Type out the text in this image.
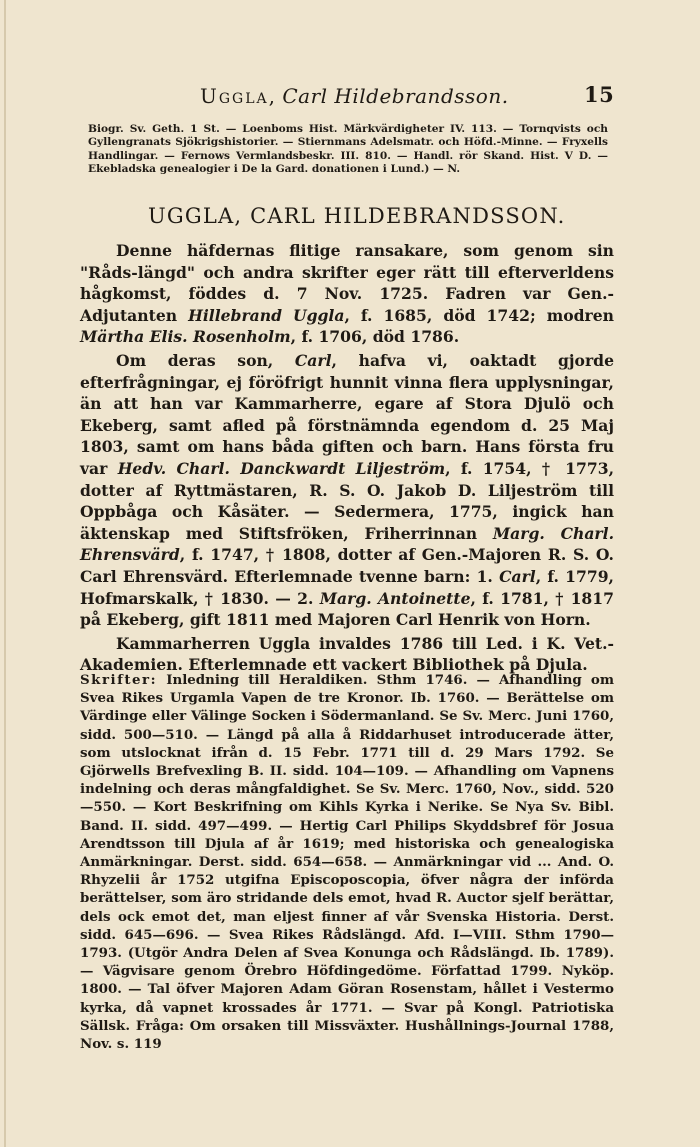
Uggla, Carl Hildebrandsson.	15
Biogr. Sv. Geth. 1 St. — Loenboms Hist. Märkvärdigheter IV. 113. — Tornqvists och Gyllengranats Sjökrigshistorier. — Stiernmans Adelsmatr. och Höfd.-Minne. — Fryxells Handlingar. — Fernows Vermlandsbeskr. III. 810. — Handl. rör Skand. Hist. V D. — Ekebladska genealogier i De la Gard. donationen i Lund.) — N.
UGGLA, CARL HILDEBRANDSSON.

Denne häfdernas flitige ransakare, som genom sin "Råds-längd" och andra skrifter eger rätt till efterverldens hågkomst, föddes d. 7 Nov. 1725. Fadren var Gen.-Adjutanten Hillebrand Uggla, f. 1685, död 1742; modren Märtha Elis. Rosenholm, f. 1706, död 1786.

Om deras son, Carl, hafva vi, oaktadt gjorde efterfrågningar, ej föröfrigt hunnit vinna flera upplysningar, än att han var Kammarherre, egare af Stora Djulö och Ekeberg, samt afled på förstnämnda egendom d. 25 Maj 1803, samt om hans båda giften och barn. Hans första fru var Hedv. Charl. Danckwardt Liljeström, f. 1754, † 1773, dotter af Ryttmästaren, R. S. O. Jakob D. Liljeström till Oppbåga och Kåsäter. — Sedermera, 1775, ingick han äktenskap med Stiftsfröken, Friherrinnan Marg. Charl. Ehrensvärd, f. 1747, † 1808, dotter af Gen.-Majoren R. S. O. Carl Ehrensvärd. Efterlemnade tvenne barn: 1. Carl, f. 1779, Hofmarskalk, † 1830. — 2. Marg. Antoinette, f. 1781, † 1817 på Ekeberg, gift 1811 med Majoren Carl Henrik von Horn.

Kammarherren Uggla invaldes 1786 till Led. i K. Vet.-Akademien. Efterlemnade ett vackert Bibliothek på Djula.

Skrifter: Inledning till Heraldiken. Sthm 1746. — Afhandling om Svea Rikes Urgamla Vapen de tre Kronor. Ib. 1760. — Berättelse om Värdinge eller Välinge Socken i Södermanland. Se Sv. Merc. Juni 1760, sidd. 500—510. — Längd på alla å Riddarhuset introducerade ätter, som utslocknat ifrån d. 15 Febr. 1771 till d. 29 Mars 1792. Se Gjörwells Brefvexling B. II. sidd. 104—109. — Afhandling om Vapnens indelning och deras mångfaldighet. Se Sv. Merc. 1760, Nov., sidd. 520—550. — Kort Beskrifning om Kihls Kyrka i Nerike. Se Nya Sv. Bibl. Band. II. sidd. 497—499. — Hertig Carl Philips Skyddsbref för Josua Arendtsson till Djula af år 1619; med historiska och genealogiska Anmärkningar. Derst. sidd. 654—658. — Anmärkningar vid ... And. O. Rhyzelii år 1752 utgifna Episcoposcopia, öfver några der införda berättelser, som äro stridande dels emot, hvad R. Auctor sjelf berättar, dels ock emot det, man eljest finner af vår Svenska Historia. Derst. sidd. 645—696. — Svea Rikes Rådslängd. Afd. I—VIII. Sthm 1790—1793. (Utgör Andra Delen af Svea Konunga och Rådslängd. Ib. 1789). — Vägvisare genom Örebro Höfdingedöme. Författad 1799. Nyköp. 1800. — Tal öfver Majoren Adam Göran Rosenstam, hållet i Vestermo kyrka, då vapnet krossades år 1771. — Svar på Kongl. Patriotiska Sällsk. Fråga: Om orsaken till Missväxter. Hushållnings-Journal 1788, Nov. s. 119
